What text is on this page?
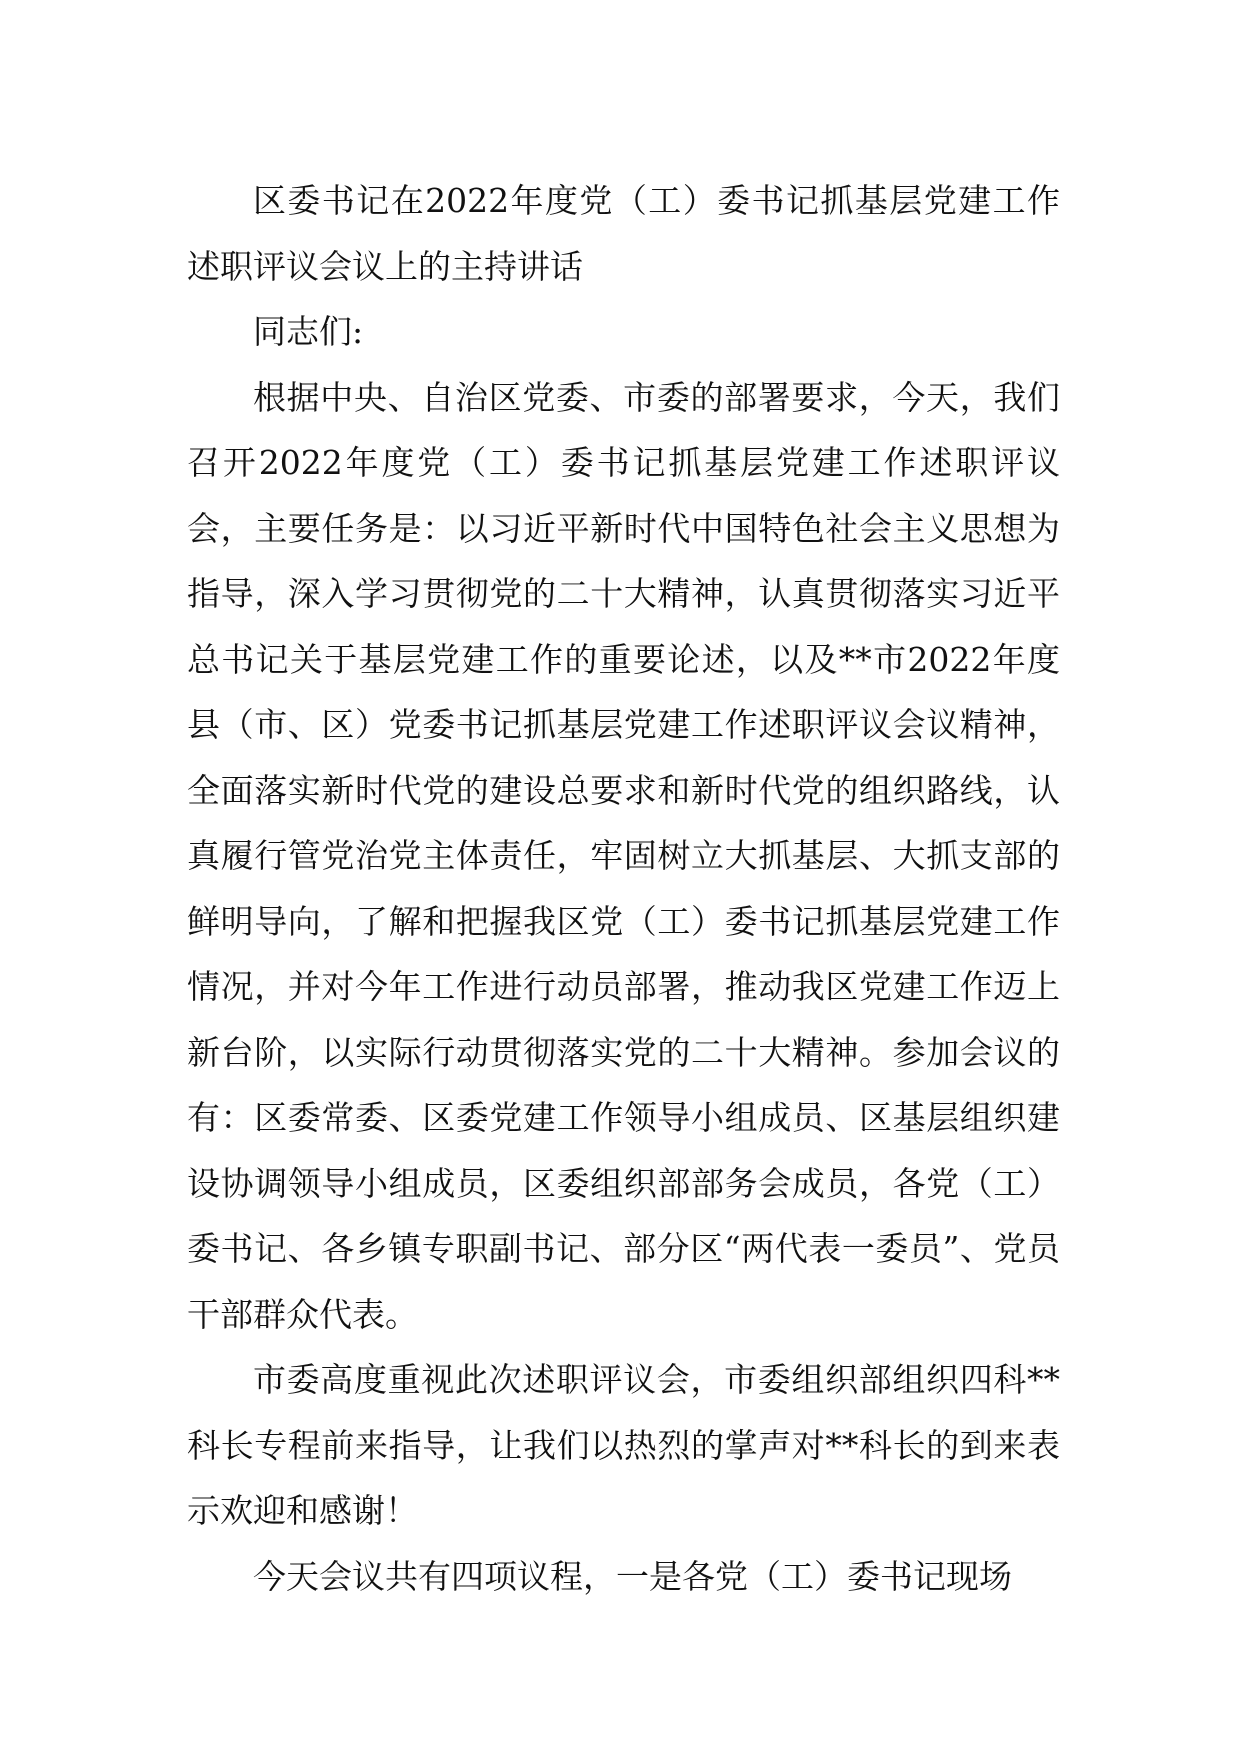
区委书记在2022年度党（工）委书记抓基层党建工作述职评议会议上的主持讲话

同志们:

根据中央、自治区党委、市委的部署要求，今天，我们召开2022年度党（工）委书记抓基层党建工作述职评议会，主要任务是：以习近平新时代中国特色社会主义思想为指导，深入学习贯彻党的二十大精神，认真贯彻落实习近平总书记关于基层党建工作的重要论述，以及**市2022年度县（市、区）党委书记抓基层党建工作述职评议会议精神，全面落实新时代党的建设总要求和新时代党的组织路线，认真履行管党治党主体责任，牢固树立大抓基层、大抓支部的鲜明导向，了解和把握我区党（工）委书记抓基层党建工作情况，并对今年工作进行动员部署，推动我区党建工作迈上新台阶，以实际行动贯彻落实党的二十大精神。参加会议的有：区委常委、区委党建工作领导小组成员、区基层组织建设协调领导小组成员，区委组织部部务会成员，各党（工）委书记、各乡镇专职副书记、部分区“两代表一委员”、党员干部群众代表。

市委高度重视此次述职评议会，市委组织部组织四科**科长专程前来指导，让我们以热烈的掌声对**科长的到来表示欢迎和感谢！

今天会议共有四项议程，一是各党（工）委书记现场
